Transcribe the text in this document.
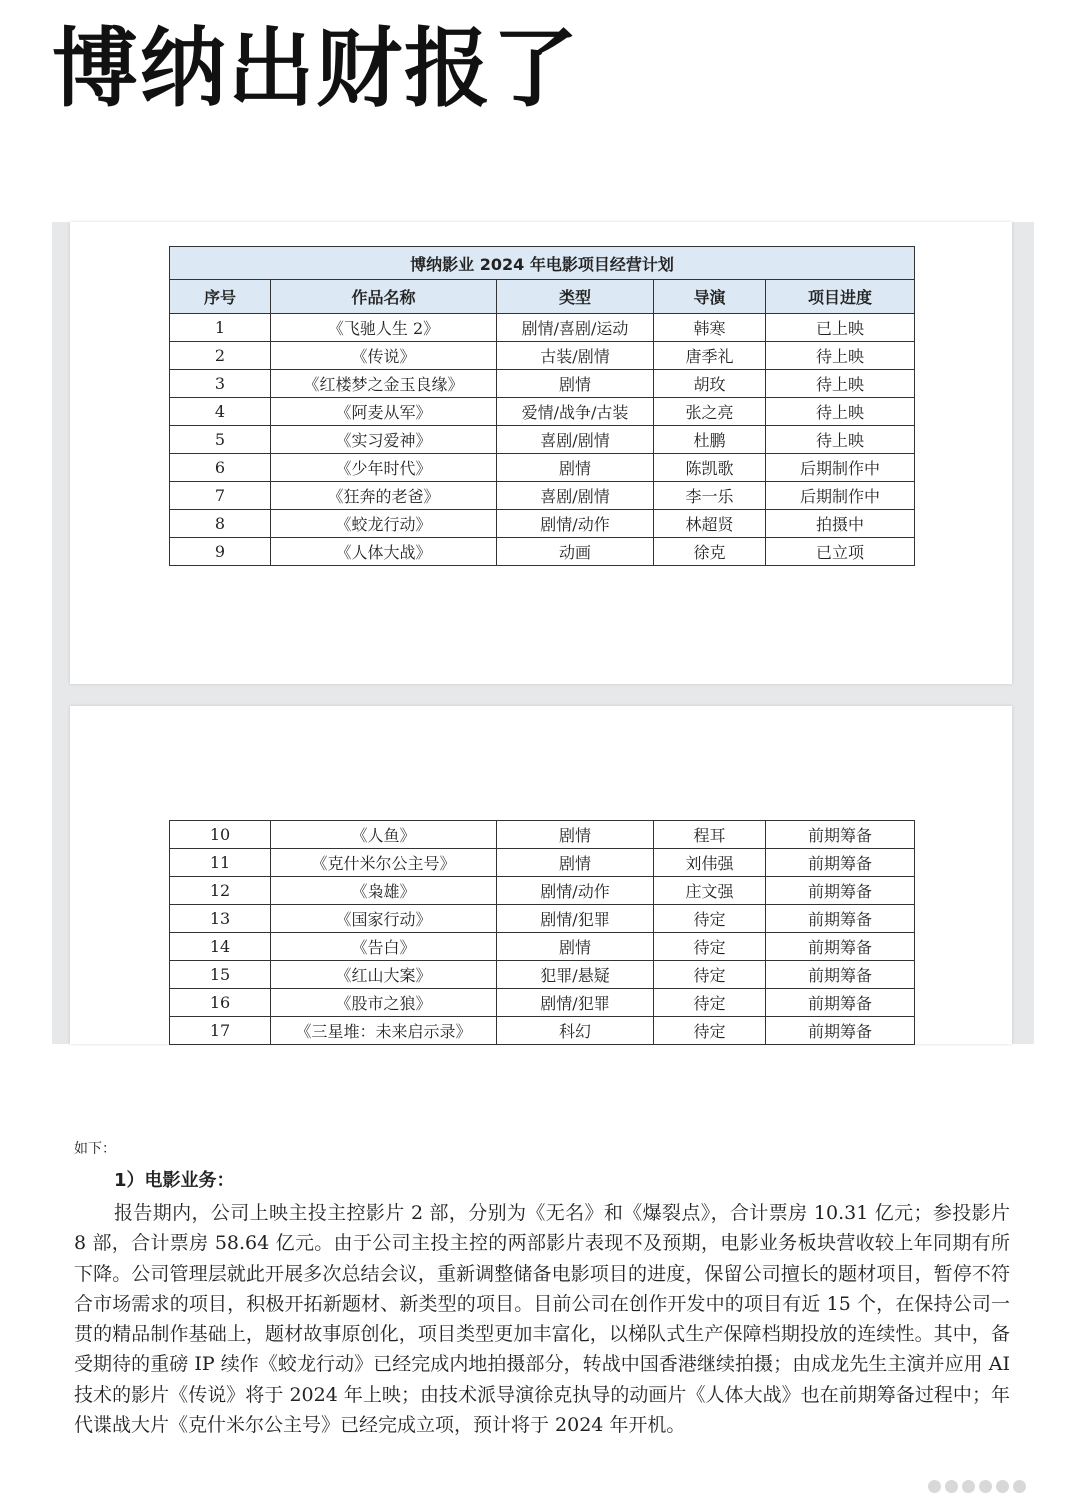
博纳出财报了
博纳影业 2024 年电影项目经营计划				
序号	作品名称	类型	导演	项目进度
1	《飞驰人生 2》	剧情/喜剧/运动	韩寒	已上映
2	《传说》	古装/剧情	唐季礼	待上映
3	《红楼梦之金玉良缘》	剧情	胡玫	待上映
4	《阿麦从军》	爱情/战争/古装	张之亮	待上映
5	《实习爱神》	喜剧/剧情	杜鹏	待上映
6	《少年时代》	剧情	陈凯歌	后期制作中
7	《狂奔的老爸》	喜剧/剧情	李一乐	后期制作中
8	《蛟龙行动》	剧情/动作	林超贤	拍摄中
9	《人体大战》	动画	徐克	已立项
10	《人鱼》	剧情	程耳	前期筹备
11	《克什米尔公主号》	剧情	刘伟强	前期筹备
12	《枭雄》	剧情/动作	庄文强	前期筹备
13	《国家行动》	剧情/犯罪	待定	前期筹备
14	《告白》	剧情	待定	前期筹备
15	《红山大案》	犯罪/悬疑	待定	前期筹备
16	《股市之狼》	剧情/犯罪	待定	前期筹备
17	《三星堆：未来启示录》	科幻	待定	前期筹备
如下：
1）电影业务：

报告期内，公司上映主投主控影片 2 部，分别为《无名》和《爆裂点》，合计票房 10.31 亿元；参投影片 8 部，合计票房 58.64 亿元。由于公司主投主控的两部影片表现不及预期，电影业务板块营收较上年同期有所下降。公司管理层就此开展多次总结会议，重新调整储备电影项目的进度，保留公司擅长的题材项目，暂停不符合市场需求的项目，积极开拓新题材、新类型的项目。目前公司在创作开发中的项目有近 15 个，在保持公司一贯的精品制作基础上，题材故事原创化，项目类型更加丰富化，以梯队式生产保障档期投放的连续性。其中，备受期待的重磅 IP 续作《蛟龙行动》已经完成内地拍摄部分，转战中国香港继续拍摄；由成龙先生主演并应用 AI 技术的影片《传说》将于 2024 年上映；由技术派导演徐克执导的动画片《人体大战》也在前期筹备过程中；年代谍战大片《克什米尔公主号》已经完成立项，预计将于 2024 年开机。
